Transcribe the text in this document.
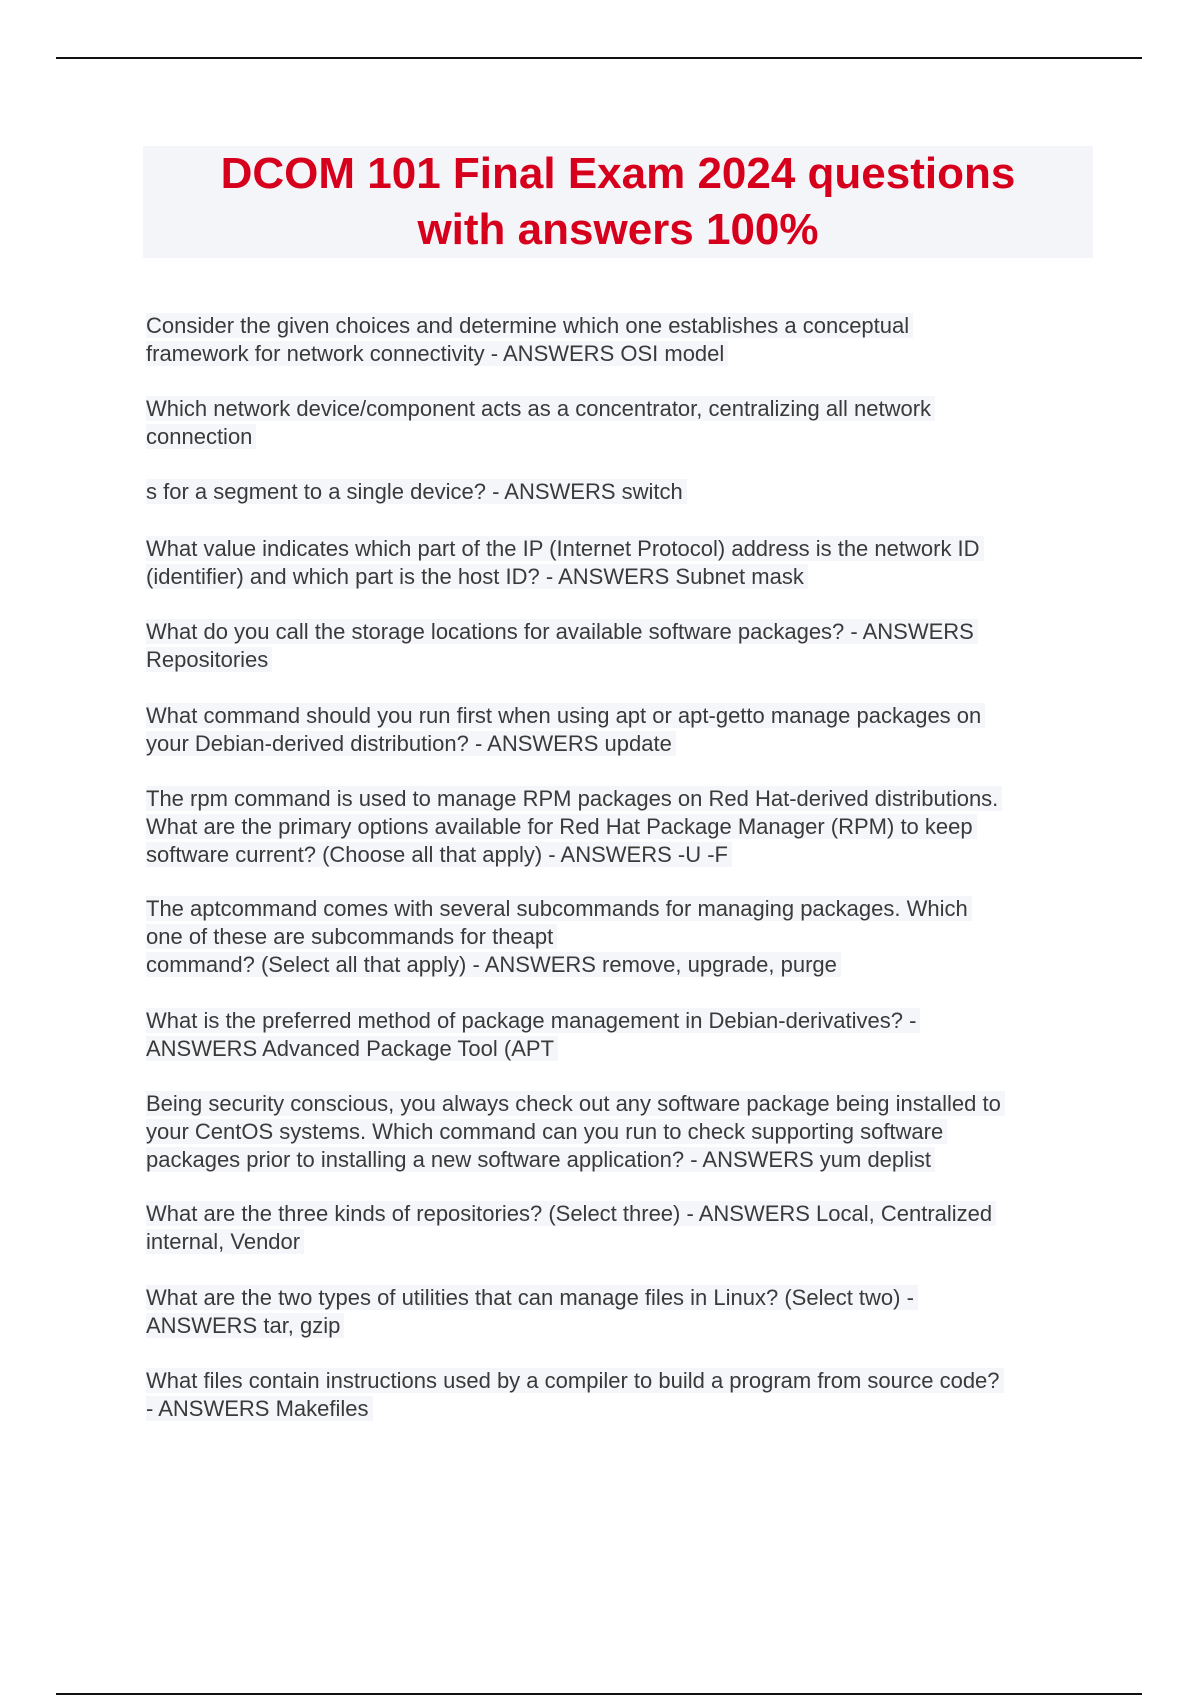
DCOM 101 Final Exam 2024 questions
with answers 100%
Consider the given choices and determine which one establishes a conceptual
framework for network connectivity - ANSWERS OSI model
Which network device/component acts as a concentrator, centralizing all network
connection
s for a segment to a single device? - ANSWERS switch
What value indicates which part of the IP (Internet Protocol) address is the network ID
(identifier) and which part is the host ID? - ANSWERS Subnet mask
What do you call the storage locations for available software packages? - ANSWERS
Repositories
What command should you run first when using apt or apt-getto manage packages on
your Debian-derived distribution? - ANSWERS update
The rpm command is used to manage RPM packages on Red Hat-derived distributions.
What are the primary options available for Red Hat Package Manager (RPM) to keep
software current? (Choose all that apply) - ANSWERS -U -F
The aptcommand comes with several subcommands for managing packages. Which
one of these are subcommands for theapt
command? (Select all that apply) - ANSWERS remove, upgrade, purge
What is the preferred method of package management in Debian-derivatives? -
ANSWERS Advanced Package Tool (APT
Being security conscious, you always check out any software package being installed to
your CentOS systems. Which command can you run to check supporting software
packages prior to installing a new software application? - ANSWERS yum deplist
What are the three kinds of repositories? (Select three) - ANSWERS Local, Centralized
internal, Vendor
What are the two types of utilities that can manage files in Linux? (Select two) -
ANSWERS tar, gzip
What files contain instructions used by a compiler to build a program from source code?
- ANSWERS Makefiles
